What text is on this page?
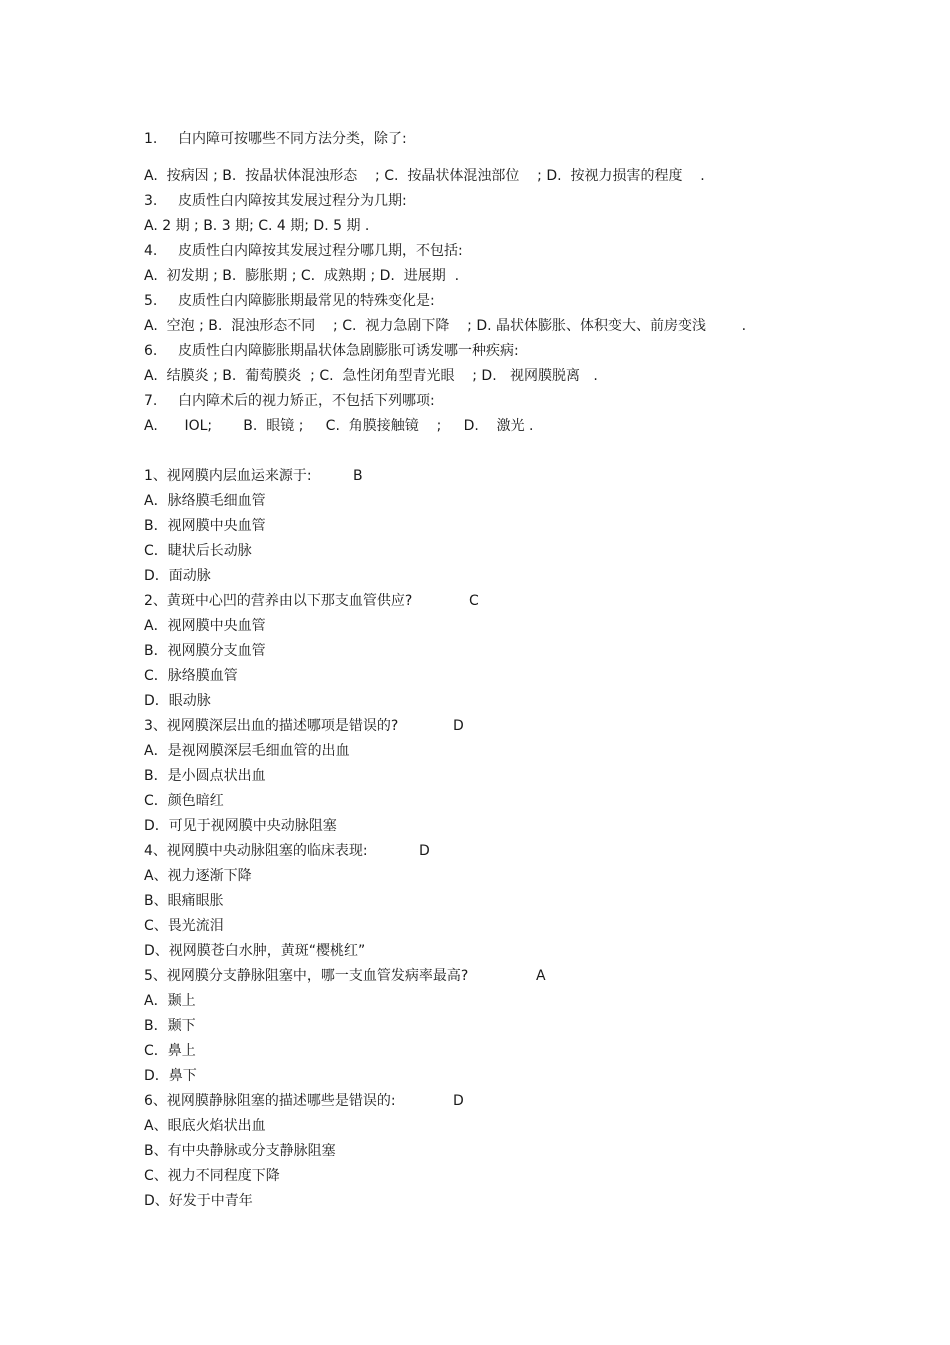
1. 白内障可按哪些不同方法分类，除了:
A.  按病因 ; B.  按晶状体混浊形态    ; C.  按晶状体混浊部位    ; D.  按视力损害的程度    .
3. 皮质性白内障按其发展过程分为几期:
A. 2 期 ; B. 3 期; C. 4 期; D. 5 期 .
4. 皮质性白内障按其发展过程分哪几期，不包括:
A.  初发期 ; B.  膨胀期 ; C.  成熟期 ; D.  进展期  .
5. 皮质性白内障膨胀期最常见的特殊变化是:
A.  空泡 ; B.  混浊形态不同    ; C.  视力急剧下降    ; D. 晶状体膨胀、体积变大、前房变浅        .
6. 皮质性白内障膨胀期晶状体急剧膨胀可诱发哪一种疾病:
A.  结膜炎 ; B.  葡萄膜炎  ; C.  急性闭角型青光眼    ; D.   视网膜脱离   .
7. 白内障术后的视力矫正，不包括下列哪项:
A.      IOL;       B.  眼镜 ;     C.  角膜接触镜    ;     D.    激光 .
1、视网膜内层血运来源于:	B
A．脉络膜毛细血管
B．视网膜中央血管
C．睫状后长动脉
D．面动脉
2、黄斑中心凹的营养由以下那支血管供应?	C
A．视网膜中央血管
B．视网膜分支血管
C．脉络膜血管
D．眼动脉
3、视网膜深层出血的描述哪项是错误的?	D
A．是视网膜深层毛细血管的出血
B．是小圆点状出血
C．颜色暗红
D．可见于视网膜中央动脉阻塞
4、视网膜中央动脉阻塞的临床表现:	D
A、视力逐渐下降
B、眼痛眼胀
C、畏光流泪
D、视网膜苍白水肿，黄斑“樱桃红”
5、视网膜分支静脉阻塞中，哪一支血管发病率最高?	A
A．颞上
B．颞下
C．鼻上
D．鼻下
6、视网膜静脉阻塞的描述哪些是错误的:	D
A、眼底火焰状出血
B、有中央静脉或分支静脉阻塞
C、视力不同程度下降
D、好发于中青年
